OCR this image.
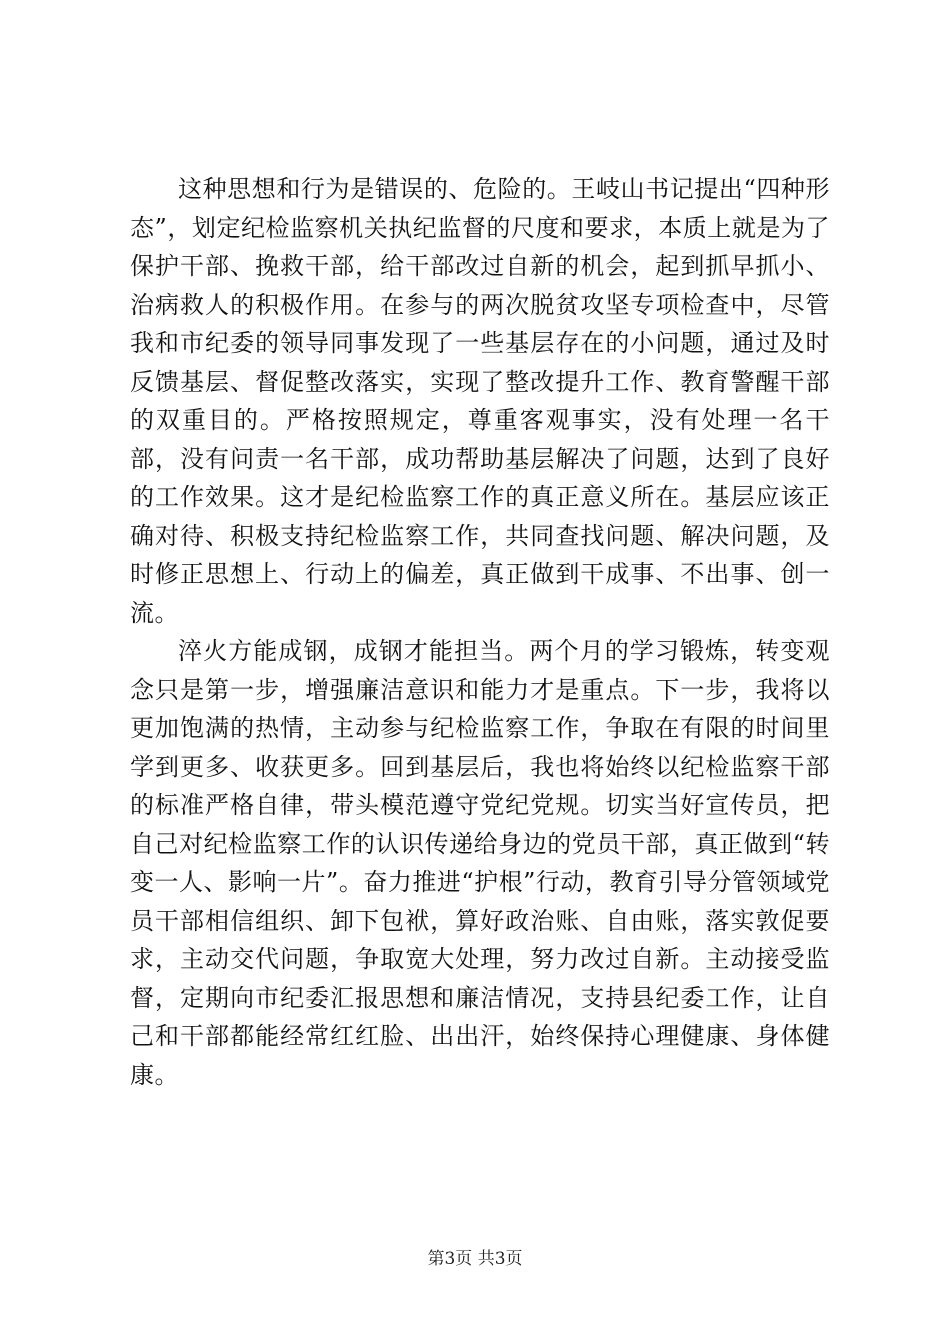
这种思想和行为是错误的、危险的。王岐山书记提出“四种形态”，划定纪检监察机关执纪监督的尺度和要求，本质上就是为了保护干部、挽救干部，给干部改过自新的机会，起到抓早抓小、治病救人的积极作用。在参与的两次脱贫攻坚专项检查中，尽管我和市纪委的领导同事发现了一些基层存在的小问题，通过及时反馈基层、督促整改落实，实现了整改提升工作、教育警醒干部的双重目的。严格按照规定，尊重客观事实，没有处理一名干部，没有问责一名干部，成功帮助基层解决了问题，达到了良好的工作效果。这才是纪检监察工作的真正意义所在。基层应该正确对待、积极支持纪检监察工作，共同查找问题、解决问题，及时修正思想上、行动上的偏差，真正做到干成事、不出事、创一流。

淬火方能成钢，成钢才能担当。两个月的学习锻炼，转变观念只是第一步，增强廉洁意识和能力才是重点。下一步，我将以更加饱满的热情，主动参与纪检监察工作，争取在有限的时间里学到更多、收获更多。回到基层后，我也将始终以纪检监察干部的标准严格自律，带头模范遵守党纪党规。切实当好宣传员，把自己对纪检监察工作的认识传递给身边的党员干部，真正做到“转变一人、影响一片”。奋力推进“护根”行动，教育引导分管领域党员干部相信组织、卸下包袱，算好政治账、自由账，落实敦促要求，主动交代问题，争取宽大处理，努力改过自新。主动接受监督，定期向市纪委汇报思想和廉洁情况，支持县纪委工作，让自己和干部都能经常红红脸、出出汗，始终保持心理健康、身体健康。

第3页 共3页
